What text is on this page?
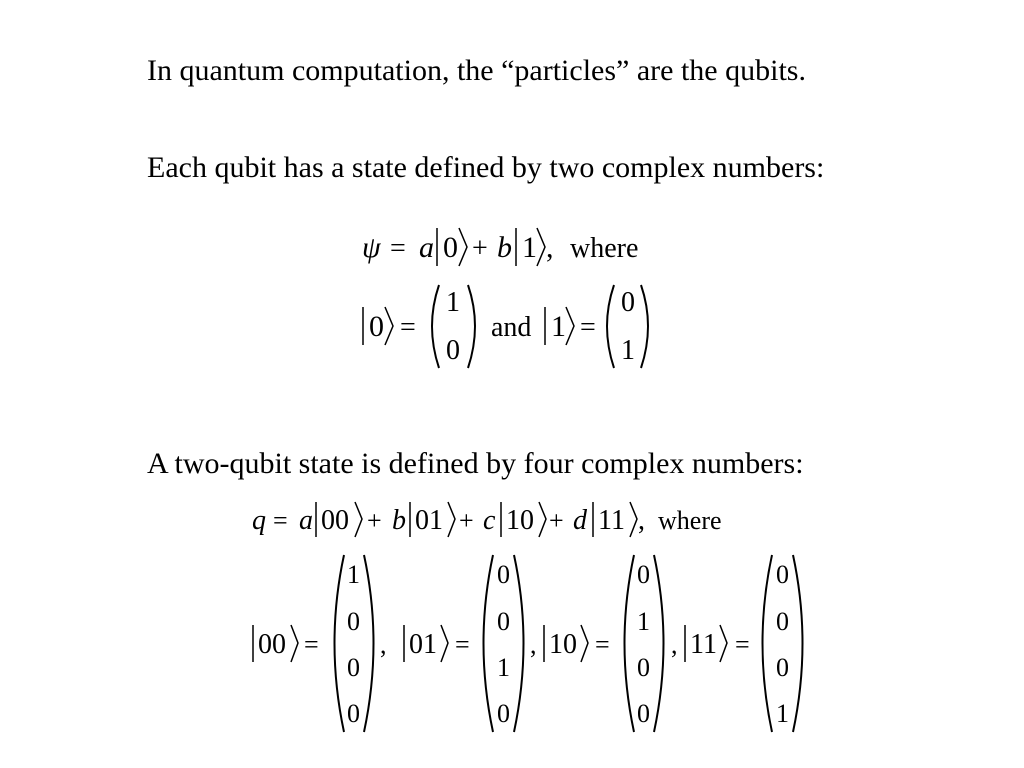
In quantum computation, the “particles” are the qubits.
Each qubit has a state defined by two complex numbers:
A two-qubit state is defined by four complex numbers:
ψ = a 0 + b 1 , where
0 =
1
0
and 1 =
0
1
q = a 00 + b 01 + c 10 + d 11 , where
00 =
1
0
0
0
, 01 =
0
0
1
0
, 10 =
0
1
0
0
, 11 =
0
0
0
1
